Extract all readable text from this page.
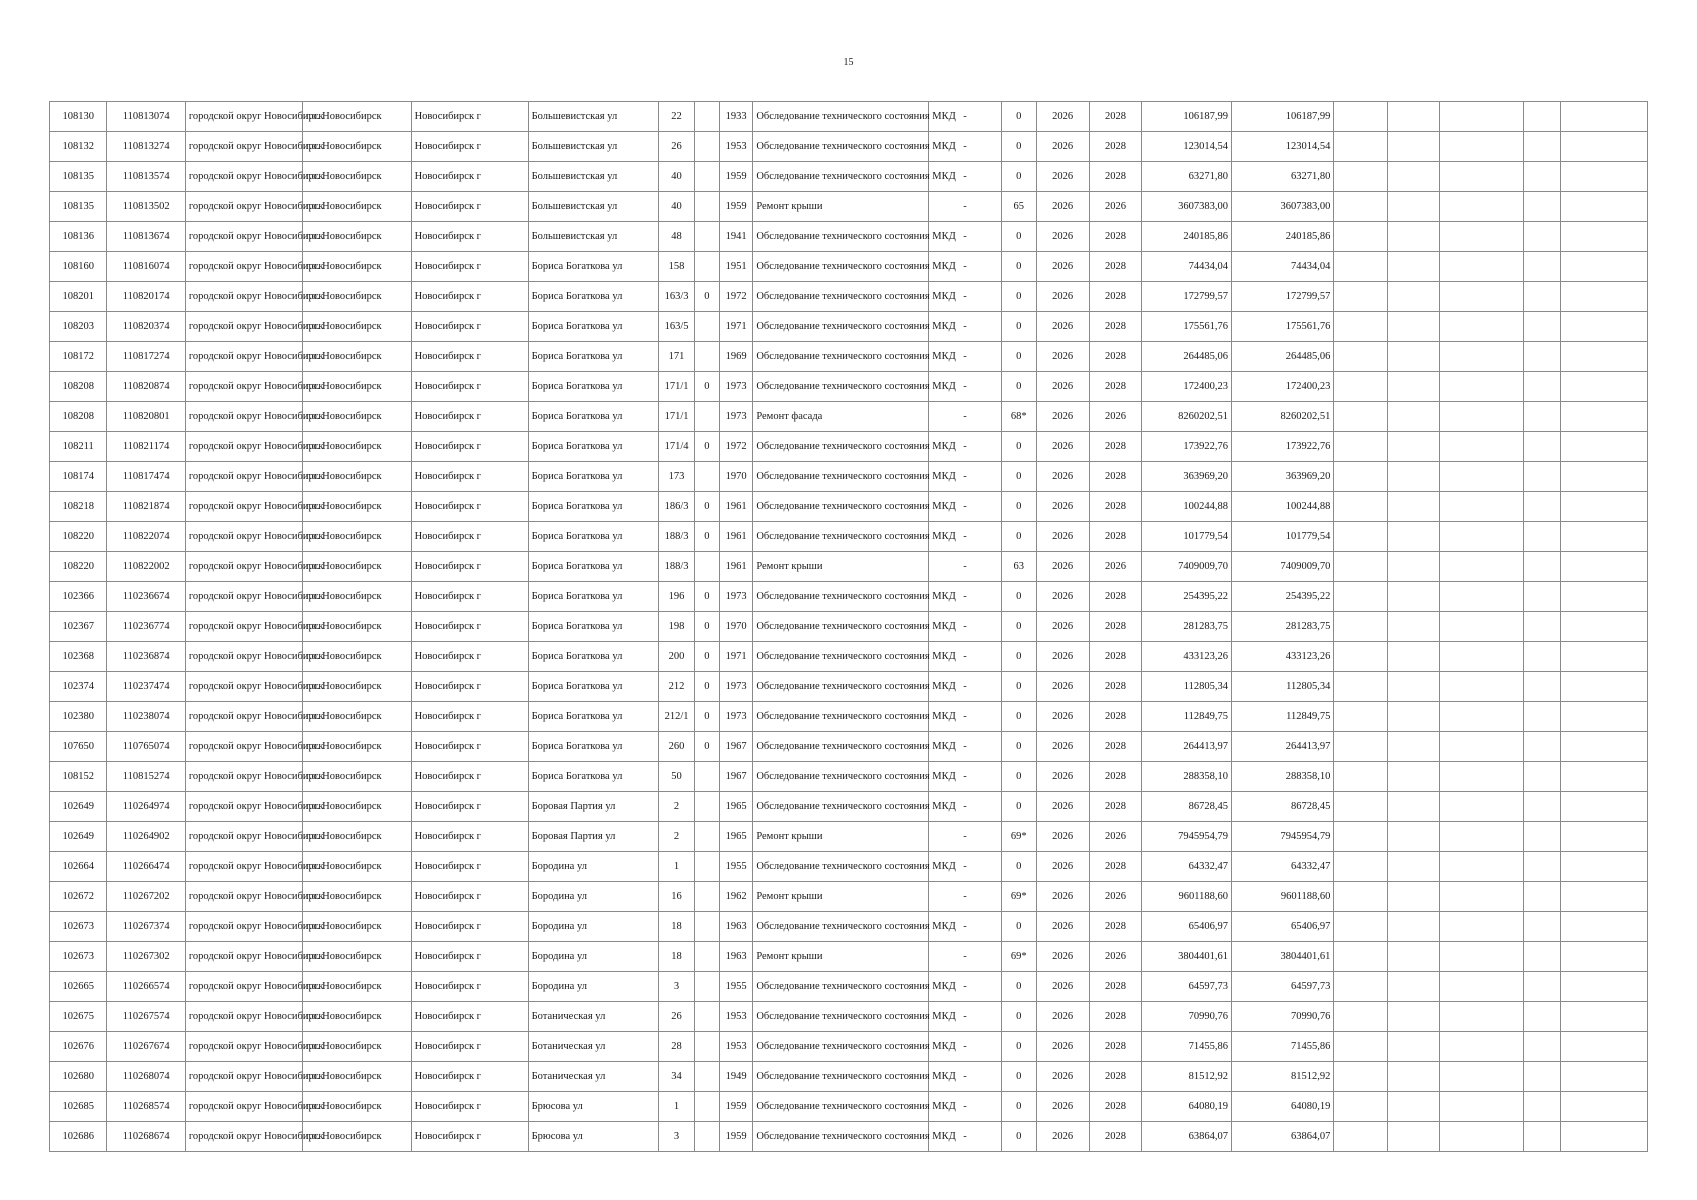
15
108130	110813074	городской округ Новосибирск	г.о. Новосибирск	Новосибирск г	Большевистская ул	22		1933	Обследование технического состояния МКД	-	0	2026	2028	106187,99	106187,99					
108132	110813274	городской округ Новосибирск	г.о. Новосибирск	Новосибирск г	Большевистская ул	26		1953	Обследование технического состояния МКД	-	0	2026	2028	123014,54	123014,54					
108135	110813574	городской округ Новосибирск	г.о. Новосибирск	Новосибирск г	Большевистская ул	40		1959	Обследование технического состояния МКД	-	0	2026	2028	63271,80	63271,80					
108135	110813502	городской округ Новосибирск	г.о. Новосибирск	Новосибирск г	Большевистская ул	40		1959	Ремонт крыши	-	65	2026	2026	3607383,00	3607383,00					
108136	110813674	городской округ Новосибирск	г.о. Новосибирск	Новосибирск г	Большевистская ул	48		1941	Обследование технического состояния МКД	-	0	2026	2028	240185,86	240185,86					
108160	110816074	городской округ Новосибирск	г.о. Новосибирск	Новосибирск г	Бориса Богаткова ул	158		1951	Обследование технического состояния МКД	-	0	2026	2028	74434,04	74434,04					
108201	110820174	городской округ Новосибирск	г.о. Новосибирск	Новосибирск г	Бориса Богаткова ул	163/3	0	1972	Обследование технического состояния МКД	-	0	2026	2028	172799,57	172799,57					
108203	110820374	городской округ Новосибирск	г.о. Новосибирск	Новосибирск г	Бориса Богаткова ул	163/5		1971	Обследование технического состояния МКД	-	0	2026	2028	175561,76	175561,76					
108172	110817274	городской округ Новосибирск	г.о. Новосибирск	Новосибирск г	Бориса Богаткова ул	171		1969	Обследование технического состояния МКД	-	0	2026	2028	264485,06	264485,06					
108208	110820874	городской округ Новосибирск	г.о. Новосибирск	Новосибирск г	Бориса Богаткова ул	171/1	0	1973	Обследование технического состояния МКД	-	0	2026	2028	172400,23	172400,23					
108208	110820801	городской округ Новосибирск	г.о. Новосибирск	Новосибирск г	Бориса Богаткова ул	171/1		1973	Ремонт фасада	-	68*	2026	2026	8260202,51	8260202,51					
108211	110821174	городской округ Новосибирск	г.о. Новосибирск	Новосибирск г	Бориса Богаткова ул	171/4	0	1972	Обследование технического состояния МКД	-	0	2026	2028	173922,76	173922,76					
108174	110817474	городской округ Новосибирск	г.о. Новосибирск	Новосибирск г	Бориса Богаткова ул	173		1970	Обследование технического состояния МКД	-	0	2026	2028	363969,20	363969,20					
108218	110821874	городской округ Новосибирск	г.о. Новосибирск	Новосибирск г	Бориса Богаткова ул	186/3	0	1961	Обследование технического состояния МКД	-	0	2026	2028	100244,88	100244,88					
108220	110822074	городской округ Новосибирск	г.о. Новосибирск	Новосибирск г	Бориса Богаткова ул	188/3	0	1961	Обследование технического состояния МКД	-	0	2026	2028	101779,54	101779,54					
108220	110822002	городской округ Новосибирск	г.о. Новосибирск	Новосибирск г	Бориса Богаткова ул	188/3		1961	Ремонт крыши	-	63	2026	2026	7409009,70	7409009,70					
102366	110236674	городской округ Новосибирск	г.о. Новосибирск	Новосибирск г	Бориса Богаткова ул	196	0	1973	Обследование технического состояния МКД	-	0	2026	2028	254395,22	254395,22					
102367	110236774	городской округ Новосибирск	г.о. Новосибирск	Новосибирск г	Бориса Богаткова ул	198	0	1970	Обследование технического состояния МКД	-	0	2026	2028	281283,75	281283,75					
102368	110236874	городской округ Новосибирск	г.о. Новосибирск	Новосибирск г	Бориса Богаткова ул	200	0	1971	Обследование технического состояния МКД	-	0	2026	2028	433123,26	433123,26					
102374	110237474	городской округ Новосибирск	г.о. Новосибирск	Новосибирск г	Бориса Богаткова ул	212	0	1973	Обследование технического состояния МКД	-	0	2026	2028	112805,34	112805,34					
102380	110238074	городской округ Новосибирск	г.о. Новосибирск	Новосибирск г	Бориса Богаткова ул	212/1	0	1973	Обследование технического состояния МКД	-	0	2026	2028	112849,75	112849,75					
107650	110765074	городской округ Новосибирск	г.о. Новосибирск	Новосибирск г	Бориса Богаткова ул	260	0	1967	Обследование технического состояния МКД	-	0	2026	2028	264413,97	264413,97					
108152	110815274	городской округ Новосибирск	г.о. Новосибирск	Новосибирск г	Бориса Богаткова ул	50		1967	Обследование технического состояния МКД	-	0	2026	2028	288358,10	288358,10					
102649	110264974	городской округ Новосибирск	г.о. Новосибирск	Новосибирск г	Боровая Партия ул	2		1965	Обследование технического состояния МКД	-	0	2026	2028	86728,45	86728,45					
102649	110264902	городской округ Новосибирск	г.о. Новосибирск	Новосибирск г	Боровая Партия ул	2		1965	Ремонт крыши	-	69*	2026	2026	7945954,79	7945954,79					
102664	110266474	городской округ Новосибирск	г.о. Новосибирск	Новосибирск г	Бородина ул	1		1955	Обследование технического состояния МКД	-	0	2026	2028	64332,47	64332,47					
102672	110267202	городской округ Новосибирск	г.о. Новосибирск	Новосибирск г	Бородина ул	16		1962	Ремонт крыши	-	69*	2026	2026	9601188,60	9601188,60					
102673	110267374	городской округ Новосибирск	г.о. Новосибирск	Новосибирск г	Бородина ул	18		1963	Обследование технического состояния МКД	-	0	2026	2028	65406,97	65406,97					
102673	110267302	городской округ Новосибирск	г.о. Новосибирск	Новосибирск г	Бородина ул	18		1963	Ремонт крыши	-	69*	2026	2026	3804401,61	3804401,61					
102665	110266574	городской округ Новосибирск	г.о. Новосибирск	Новосибирск г	Бородина ул	3		1955	Обследование технического состояния МКД	-	0	2026	2028	64597,73	64597,73					
102675	110267574	городской округ Новосибирск	г.о. Новосибирск	Новосибирск г	Ботаническая ул	26		1953	Обследование технического состояния МКД	-	0	2026	2028	70990,76	70990,76					
102676	110267674	городской округ Новосибирск	г.о. Новосибирск	Новосибирск г	Ботаническая ул	28		1953	Обследование технического состояния МКД	-	0	2026	2028	71455,86	71455,86					
102680	110268074	городской округ Новосибирск	г.о. Новосибирск	Новосибирск г	Ботаническая ул	34		1949	Обследование технического состояния МКД	-	0	2026	2028	81512,92	81512,92					
102685	110268574	городской округ Новосибирск	г.о. Новосибирск	Новосибирск г	Брюсова ул	1		1959	Обследование технического состояния МКД	-	0	2026	2028	64080,19	64080,19					
102686	110268674	городской округ Новосибирск	г.о. Новосибирск	Новосибирск г	Брюсова ул	3		1959	Обследование технического состояния МКД	-	0	2026	2028	63864,07	63864,07					
